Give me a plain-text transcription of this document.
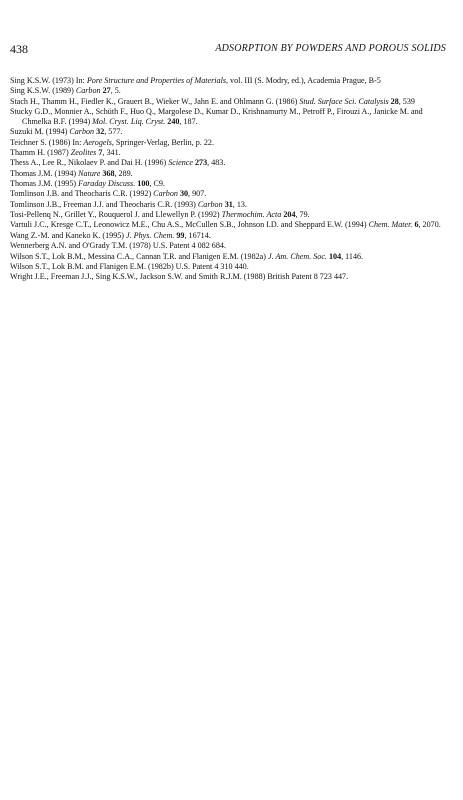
438	ADSORPTION BY POWDERS AND POROUS SOLIDS
Sing K.S.W. (1973) In: Pore Structure and Properties of Materials, vol. III (S. Modry, ed.), Academia Prague, B-5
Sing K.S.W. (1989) Carbon 27, 5.
Stach H., Thamm H., Fiedler K., Grauert B., Wieker W., Jahn E. and Ohlmann G. (1986) Stud. Surface Sci. Catalysis 28, 539
Stucky G.D., Monnier A., Schüth F., Huo Q., Margolese D., Kumar D., Krishnamurty M., Petroff P., Firouzi A., Janicke M. and Chmelka B.F. (1994) Mol. Cryst. Liq. Cryst. 240, 187.
Suzuki M. (1994) Carbon 32, 577.
Teichner S. (1986) In: Aerogels, Springer-Verlag, Berlin, p. 22.
Thamm H. (1987) Zeolites 7, 341.
Thess A., Lee R., Nikolaev P. and Dai H. (1996) Science 273, 483.
Thomas J.M. (1994) Nature 368, 289.
Thomas J.M. (1995) Faraday Discuss. 100, C9.
Tomlinson J.B. and Theocharis C.R. (1992) Carbon 30, 907.
Tomlinson J.B., Freeman J.J. and Theocharis C.R. (1993) Carbon 31, 13.
Tosi-Pellenq N., Grillet Y., Rouquerol J. and Llewellyn P. (1992) Thermochim. Acta 204, 79.
Vartuli J.C., Kresge C.T., Leonowicz M.E., Chu A.S., McCullen S.B., Johnson I.D. and Sheppard E.W. (1994) Chem. Mater. 6, 2070.
Wang Z.-M. and Kaneko K. (1995) J. Phys. Chem. 99, 16714.
Wennerberg A.N. and O'Grady T.M. (1978) U.S. Patent 4 082 684.
Wilson S.T., Lok B.M., Messina C.A., Cannan T.R. and Flanigen E.M. (1982a) J. Am. Chem. Soc. 104, 1146.
Wilson S.T., Lok B.M. and Flanigen E.M. (1982b) U.S. Patent 4 310 440.
Wright J.E., Freeman J.J., Sing K.S.W., Jackson S.W. and Smith R.J.M. (1988) British Patent 8 723 447.
